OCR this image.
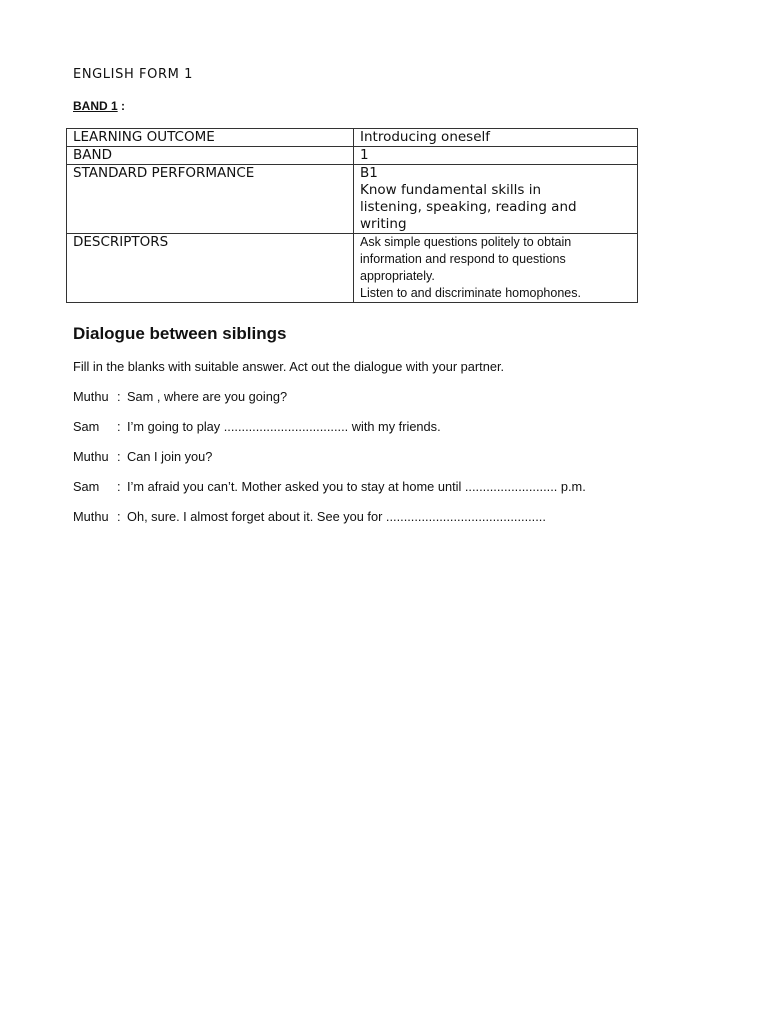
ENGLISH FORM 1
BAND 1 :
LEARNING OUTCOME	Introducing oneself

BAND	1

STANDARD PERFORMANCE	B1
Know fundamental skills in
listening, speaking, reading and
writing

DESCRIPTORS	Ask simple questions politely to obtain
information and respond to questions
appropriately.
Listen to and discriminate homophones.
Dialogue between siblings
Fill in the blanks with suitable answer. Act out the dialogue with your partner.
Muthu : Sam , where are you going?
Sam	: I’m going to play ................................... with my friends.
Muthu : Can I join you?
Sam	: I’m afraid you can’t. Mother asked you to stay at home until .......................... p.m.
Muthu : Oh, sure. I almost forget about it. See you for .............................................
